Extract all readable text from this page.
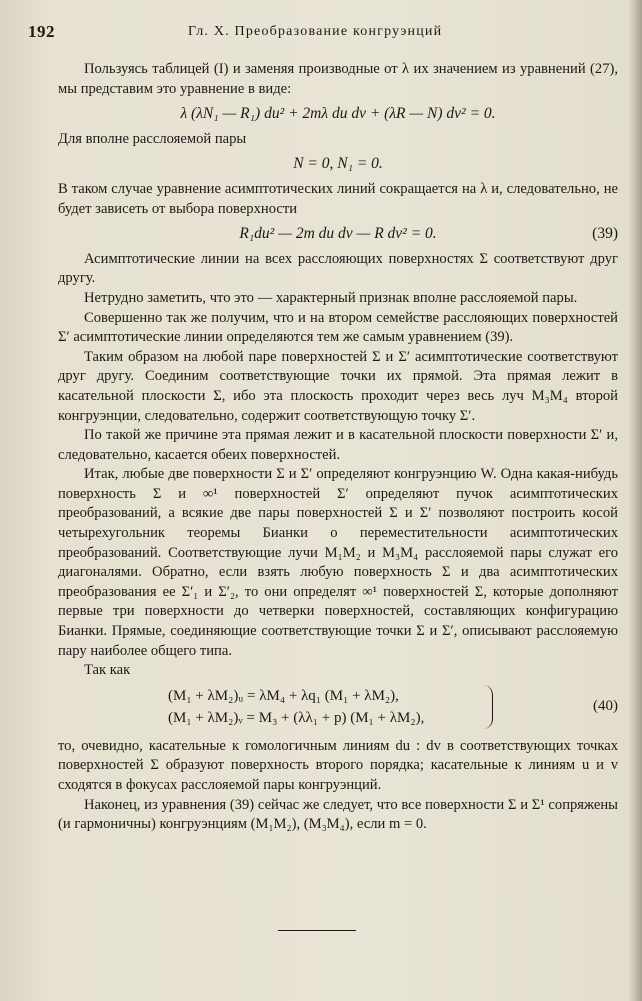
192	Гл. X. Преобразование конгруэнций

Пользуясь таблицей (I) и заменяя производные от λ их значением из уравнений (27), мы представим это уравнение в виде:

λ (λN₁ — R₁) du² + 2mλ du dv + (λR — N) dv² = 0.

Для вполне расслояемой пары

N = 0, N₁ = 0.

В таком случае уравнение асимптотических линий сокращается на λ и, следовательно, не будет зависеть от выбора поверхности

R₁du² — 2m du dv — R dv² = 0.	(39)

Асимптотические линии на всех расслояющих поверхностях Σ соответствуют друг другу.

Нетрудно заметить, что это — характерный признак вполне расслояемой пары.

Совершенно так же получим, что и на втором семействе расслояющих поверхностей Σ′ асимптотические линии определяются тем же самым уравнением (39).

Таким образом на любой паре поверхностей Σ и Σ′ асимптотические соответствуют друг другу. Соединим соответствующие точки их прямой. Эта прямая лежит в касательной плоскости Σ, ибо эта плоскость проходит через весь луч M₃M₄ второй конгруэнции, следовательно, содержит соответствующую точку Σ′.

По такой же причине эта прямая лежит и в касательной плоскости поверхности Σ′ и, следовательно, касается обеих поверхностей.

Итак, любые две поверхности Σ и Σ′ определяют конгруэнцию W. Одна какая-нибудь поверхность Σ и ∞¹ поверхностей Σ′ определяют пучок асимптотических преобразований, а всякие две пары поверхностей Σ и Σ′ позволяют построить косой четырехугольник теоремы Бианки о переместительности асимптотических преобразований. Соответствующие лучи M₁M₂ и M₃M₄ расслояемой пары служат его диагоналями. Обратно, если взять любую поверхность Σ и два асимптотических преобразования ее Σ′₁ и Σ′₂, то они определят ∞¹ поверхностей Σ, которые дополняют первые три поверхности до четверки поверхностей, составляющих конфигурацию Бианки. Прямые, соединяющие соответствующие точки Σ и Σ′, описывают расслояемую пару наиболее общего типа.

Так как

(M₁ + λM₂)ᵤ = λM₄ + λq₁ (M₁ + λM₂),
(M₁ + λM₂)ᵥ = M₃ + (λλ₁ + p) (M₁ + λM₂),
(40)

то, очевидно, касательные к гомологичным линиям du : dv в соответствующих точках поверхностей Σ образуют поверхность второго порядка; касательные к линиям u и v сходятся в фокусах расслояемой пары конгруэнций.

Наконец, из уравнения (39) сейчас же следует, что все поверхности Σ и Σ¹ сопряжены (и гармоничны) конгруэнциям (M₁M₂), (M₃M₄), если m = 0.
